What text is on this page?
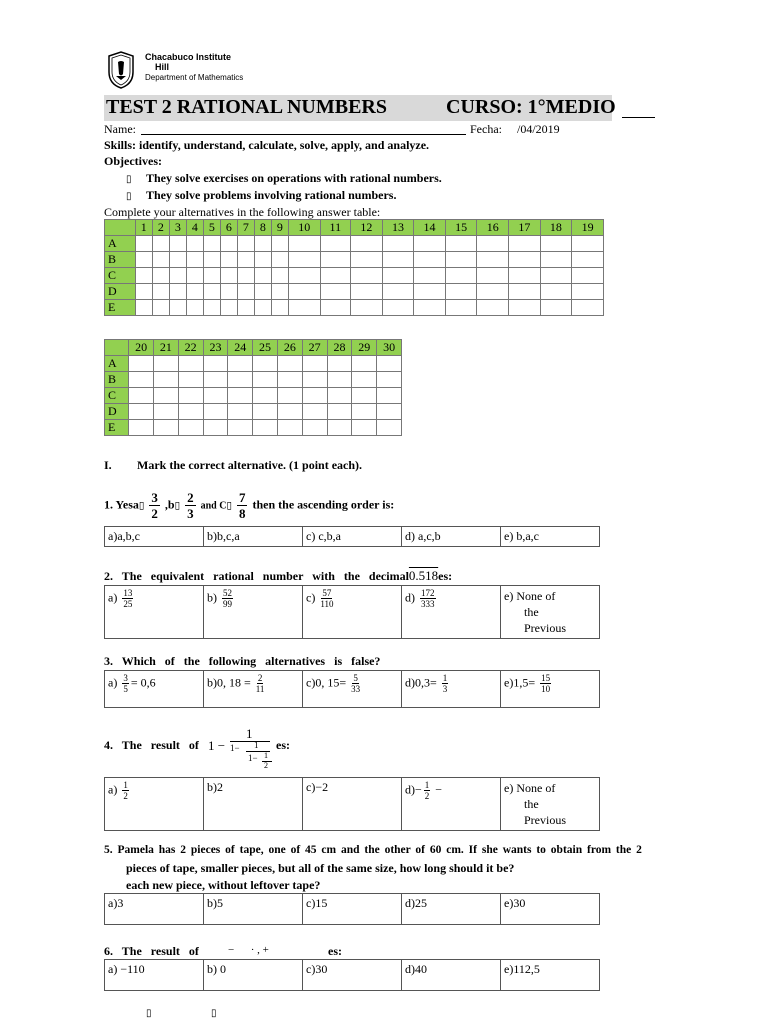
Chacabuco Institute
Hill
Department of Mathematics
TEST 2 RATIONAL NUMBERS	CURSO: 1°MEDIO
Name:	Fecha: /04/2019
Skills: identify, understand, calculate, solve, apply, and analyze.
Objectives:
▯ They solve exercises on operations with rational numbers.
▯ They solve problems involving rational numbers.
Complete your alternatives in the following answer table:
	1	2	3	4	5	6	7	8	9	10	11	12	13	14	15	16	17	18	19
A																			
B																			
C																			
D																			
E																			
	20	21	22	23	24	25	26	27	28	29	30
A											
B											
C											
D											
E											
I. Mark the correct alternative. (1 point each).
1. Yesa▯ $\frac{3}{2}$ ,b▯ $\frac{2}{3}$ and C▯ $\frac{7}{8}$ then the ascending order is:
a)a,b,c	b)b,c,a	c) c,b,a	d) a,c,b	e) b,a,c
2. The equivalent rational number with the decimal0.518es:
$a) \frac{13}{25}$	$b) \frac{52}{99}$	$c) \frac{57}{110}$	$d) \frac{172}{333}$	e) None of
the
Previous
3. Which of the following alternatives is false?
$a) \frac{3}{5} = 0,6$	b)0, $18 = \frac{2}{11}$	c)0, $15= \frac{5}{33}$	$d)0,3= \frac{1}{3}$	$e)1,5= \frac{15}{10}$
4. The result of 1 −
1
1− 1
1− 1
2
es:
$a) \frac{1}{2}$	b)2	c)−2	$d)- \frac{1}{2}$ −	e) None of
the
Previous
5. Pamela has 2 pieces of tape, one of 45 cm and the other of 60 cm. If she wants to obtain from the 2
pieces of tape, smaller pieces, but all of the same size, how long should it be?
each new piece, without leftover tape?
a)3	b)5	c)15	d)25	e)30
6. The result of	−      · , +	es:
a) −110	b) 0	c)30	d)40	e)112,5
▯	▯
